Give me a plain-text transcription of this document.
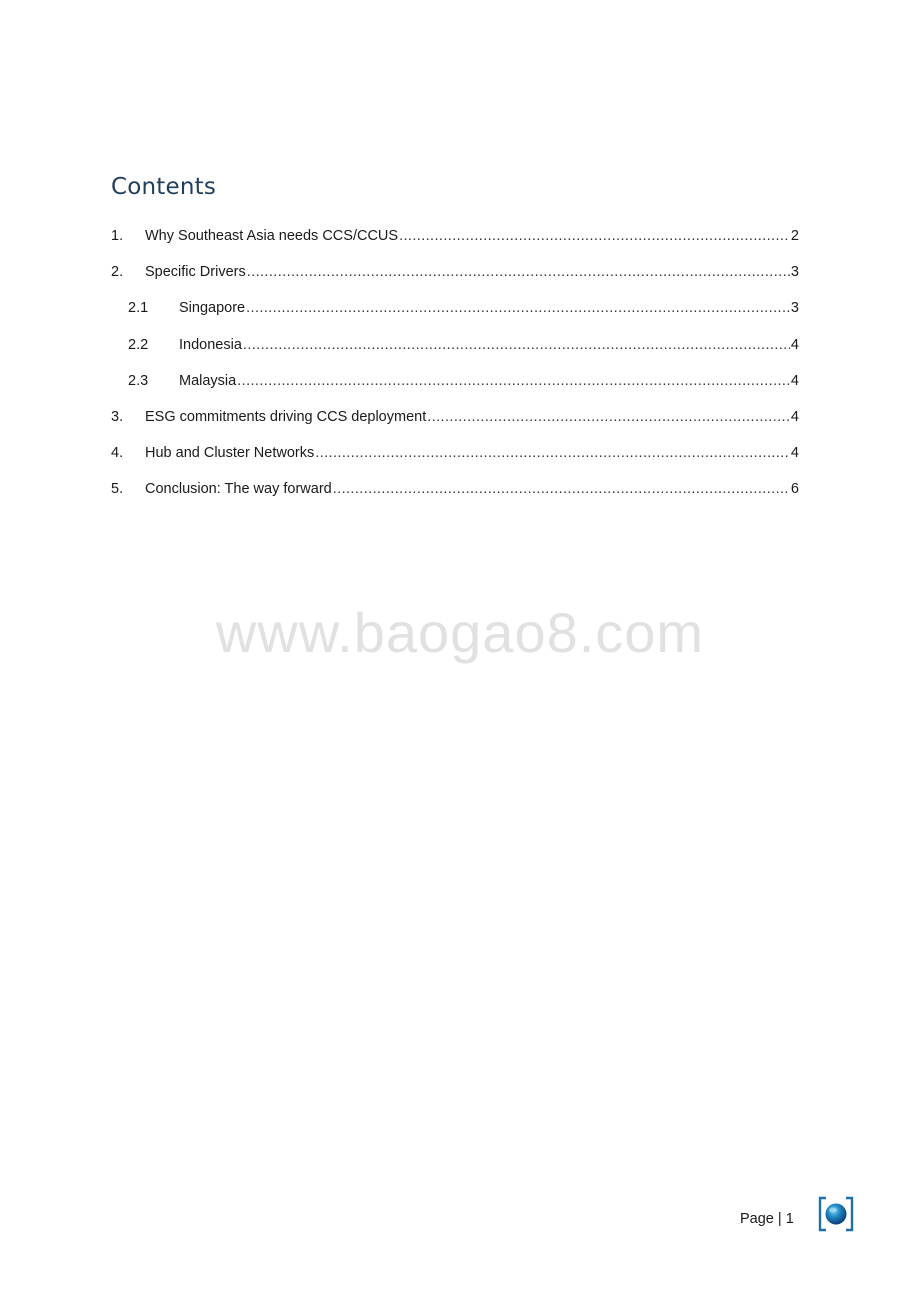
Contents
1.	Why Southeast Asia needs CCS/CCUS .....	2
2.	Specific Drivers .....	3
2.1	Singapore .....	3
2.2	Indonesia .....	4
2.3	Malaysia .....	4
3.	ESG commitments driving CCS deployment .....	4
4.	Hub and Cluster Networks .....	4
5.	Conclusion: The way forward .....	6
www.baogao8.com
Page | 1
